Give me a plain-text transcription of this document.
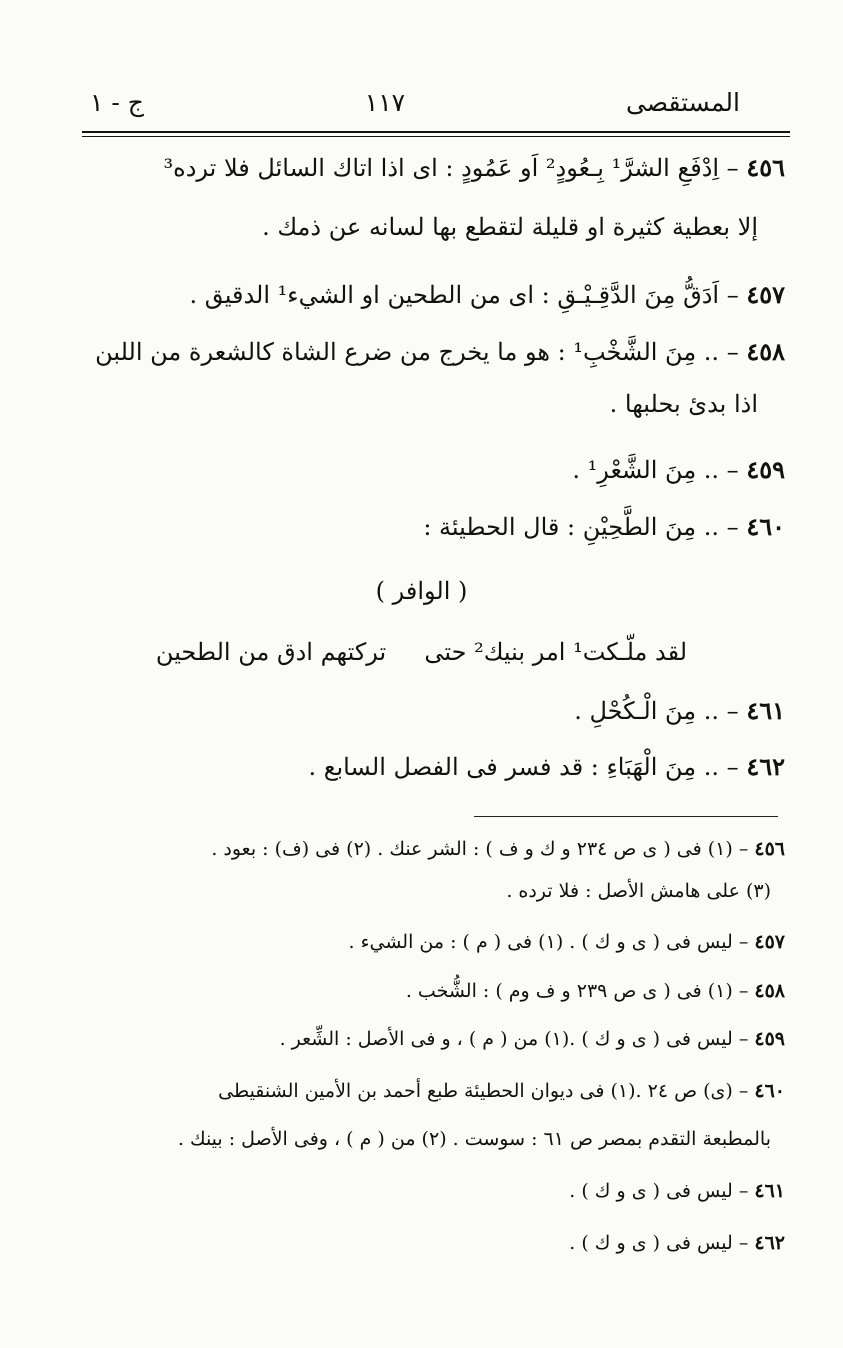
ج - ١	١١٧	المستقصى
٤٥٦ – اِدْفَعِ الشرَّ¹ بِـعُودٍ² اَو عَمُودٍ : اى اذا اتاك السائل فلا ترده³
إلا بعطية كثيرة او قليلة لتقطع بها لسانه عن ذمك .
٤٥٧ – اَدَقُّ مِنَ الدَّقِـيْـقِ : اى من الطحين او الشيء¹ الدقيق .
٤٥٨ – .. مِنَ الشَّخْبِ¹ : هو ما يخرج من ضرع الشاة كالشعرة من اللبن
اذا بدئ بحلبها .
٤٥٩ – .. مِنَ الشَّعْرِ¹ .
٤٦٠ – .. مِنَ الطَّحِيْنِ : قال الحطيئة :
( الوافر )
لقد ملّـكت¹ امر بنيك² حتى     تركتهم ادق من الطحين
٤٦١ – .. مِنَ الْـكُحْلِ .
٤٦٢ – .. مِنَ الْهَبَاءِ : قد فسر فى الفصل السابع .
٤٥٦ – (١) فى ( ى ص ٢٣٤ و ك و ف ) : الشر عنك . (٢) فى (ف) : بعود .
(٣) على هامش الأصل : فلا ترده .
٤٥٧ – ليس فى ( ى و ك ) . (١) فى ( م ) : من الشيء .
٤٥٨ – (١) فى ( ى ص ٢٣٩ و ف وم ) : الشُّخب .
٤٥٩ – ليس فى ( ى و ك ) .(١) من ( م ) ، و فى الأصل : الشِّعر .
٤٦٠ – (ى) ص ٢٤ .(١) فى ديوان الحطيئة طبع أحمد بن الأمين الشنقيطى
بالمطبعة التقدم بمصر ص ٦١ : سوست . (٢) من ( م ) ، وفى الأصل : بينك .
٤٦١ – ليس فى ( ى و ك ) .
٤٦٢ – ليس فى ( ى و ك ) .
